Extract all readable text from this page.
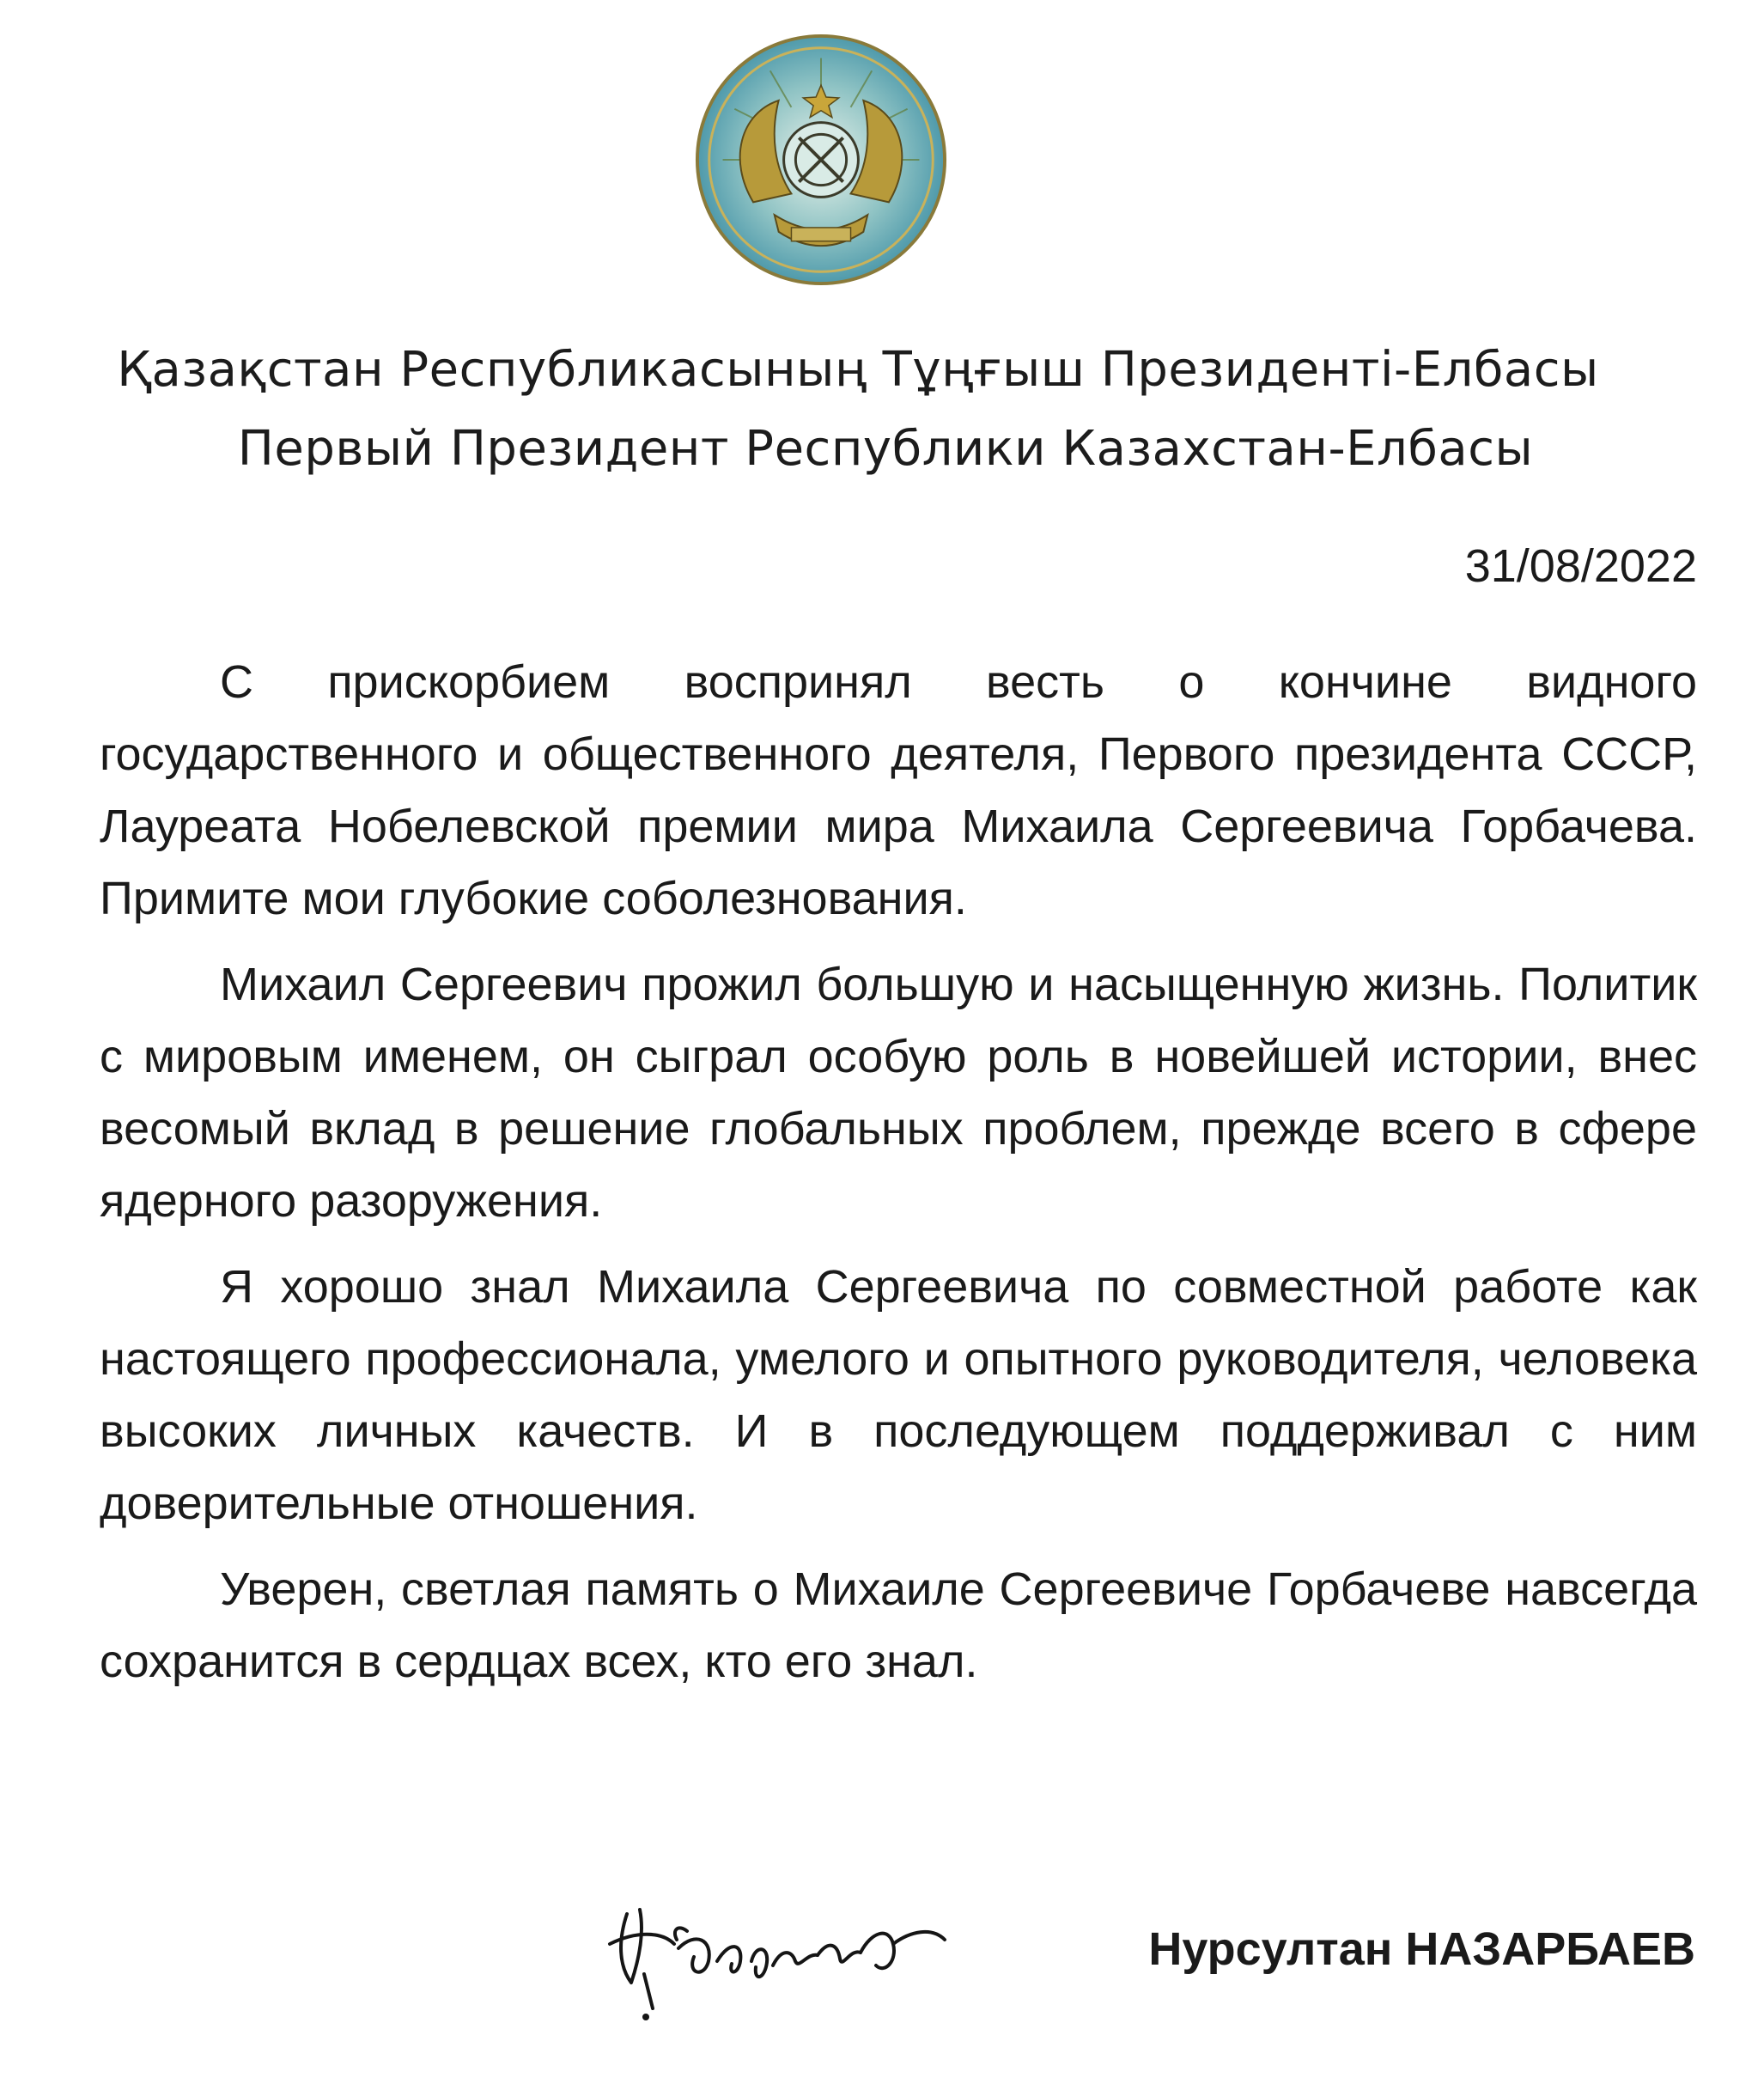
Қазақстан Республикасының Тұңғыш Президенті-Елбасы
Первый Президент Республики Казахстан-Елбасы
31/08/2022

С прискорбием воспринял весть о кончине видного государственного и общественного деятеля, Первого президента СССР, Лауреата Нобелевской премии мира Михаила Сергеевича Горбачева. Примите мои глубокие соболезнования.

Михаил Сергеевич прожил большую и насыщенную жизнь. Политик с мировым именем, он сыграл особую роль в новейшей истории, внес весомый вклад в решение глобальных проблем, прежде всего в сфере ядерного разоружения.

Я хорошо знал Михаила Сергеевича по совместной работе как настоящего профессионала, умелого и опытного руководителя, человека высоких личных качеств. И в последующем поддерживал с ним доверительные отношения.

Уверен, светлая память о Михаиле Сергеевиче Горбачеве навсегда сохранится в сердцах всех, кто его знал.

Нурсултан НАЗАРБАЕВ
